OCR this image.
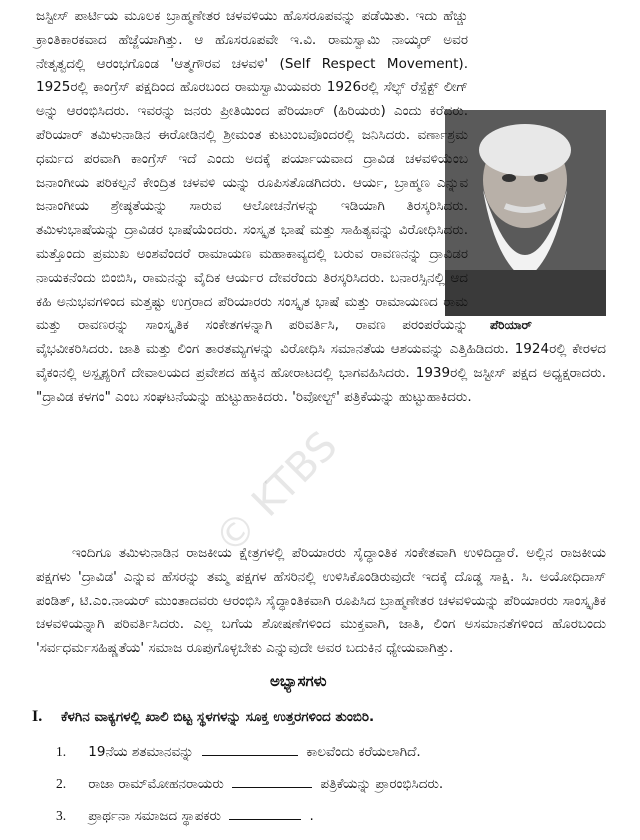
© KTBS
ಪೆರಿಯಾರ್

ಜಸ್ಟೀಸ್ ಪಾರ್ಟಿಯ ಮೂಲಕ ಬ್ರಾಹ್ಮಣೇತರ ಚಳವಳಿಯು ಹೊಸರೂಪವನ್ನು ಪಡೆಯಿತು. ಇದು ಹೆಚ್ಚು ಕ್ರಾಂತಿಕಾರಕವಾದ ಹೆಜ್ಜೆಯಾಗಿತ್ತು. ಆ ಹೊಸರೂಪವೇ ಇ.ವಿ. ರಾಮಸ್ವಾಮಿ ನಾಯ್ಕರ್ ಅವರ ನೇತೃತ್ವದಲ್ಲಿ ಆರಂಭಗೊಂಡ 'ಆತ್ಮಗೌರವ ಚಳವಳಿ' (Self Respect Movement). 1925ರಲ್ಲಿ ಕಾಂಗ್ರೆಸ್ ಪಕ್ಷದಿಂದ ಹೊರಬಂದ ರಾಮಸ್ವಾಮಿಯವರು 1926ರಲ್ಲಿ ಸೆಲ್ಫ್ ರೆಸ್ಪೆಕ್ಟ್ ಲೀಗ್ ಅನ್ನು ಆರಂಭಿಸಿದರು. ಇವರನ್ನು ಜನರು ಪ್ರೀತಿಯಿಂದ ಪೆರಿಯಾರ್ (ಹಿರಿಯರು) ಎಂದು ಕರೆದರು. ಪೆರಿಯಾರ್ ತಮಿಳುನಾಡಿನ ಈರೋಡಿನಲ್ಲಿ ಶ್ರೀಮಂತ ಕುಟುಂಬವೊಂದರಲ್ಲಿ ಜನಿಸಿದರು. ವರ್ಣಾಶ್ರಮ ಧರ್ಮದ ಪರವಾಗಿ ಕಾಂಗ್ರೆಸ್ ಇದೆ ಎಂದು ಅದಕ್ಕೆ ಪರ್ಯಾಯವಾದ ದ್ರಾವಿಡ ಚಳವಳಿಯೆಂಬ ಜನಾಂಗೀಯ ಪರಿಕಲ್ಪನೆ ಕೇಂದ್ರಿತ ಚಳವಳಿ ಯನ್ನು ರೂಪಿಸತೊಡಗಿದರು. ಆರ್ಯ, ಬ್ರಾಹ್ಮಣ ಎನ್ನುವ ಜನಾಂಗೀಯ ಶ್ರೇಷ್ಠತೆಯನ್ನು ಸಾರುವ ಆಲೋಚನೆಗಳನ್ನು ಇಡಿಯಾಗಿ ತಿರಸ್ಕರಿಸಿದರು. ತಮಿಳುಭಾಷೆಯನ್ನು ದ್ರಾವಿಡರ ಭಾಷೆಯೆಂದರು. ಸಂಸ್ಕೃತ ಭಾಷೆ ಮತ್ತು ಸಾಹಿತ್ಯವನ್ನು ವಿರೋಧಿಸಿದರು. ಮತ್ತೊಂದು ಪ್ರಮುಖ ಅಂಶವೆಂದರೆ ರಾಮಾಯಣ ಮಹಾಕಾವ್ಯದಲ್ಲಿ ಬರುವ ರಾವಣನನ್ನು ದ್ರಾವಿಡರ ನಾಯಕನೆಂದು ಬಿಂಬಿಸಿ, ರಾಮನನ್ನು ವೈದಿಕ ಆರ್ಯರ ದೇವರೆಂದು ತಿರಸ್ಕರಿಸಿದರು. ಬನಾರಸ್ಸಿನಲ್ಲಿ ಆದ ಕಹಿ ಅನುಭವಗಳಿಂದ ಮತ್ತಷ್ಟು ಉಗ್ರರಾದ ಪೆರಿಯಾರರು ಸಂಸ್ಕೃತ ಭಾಷೆ ಮತ್ತು ರಾಮಾಯಣದ ರಾಮ ಮತ್ತು ರಾವಣರನ್ನು ಸಾಂಸ್ಕೃತಿಕ ಸಂಕೇತಗಳನ್ನಾಗಿ ಪರಿವರ್ತಿಸಿ, ರಾವಣ ಪರಂಪರೆಯನ್ನು ವೈಭವೀಕರಿಸಿದರು. ಜಾತಿ ಮತ್ತು ಲಿಂಗ ತಾರತಮ್ಯಗಳನ್ನು ವಿರೋಧಿಸಿ ಸಮಾನತೆಯ ಆಶಯವನ್ನು ಎತ್ತಿಹಿಡಿದರು. 1924ರಲ್ಲಿ ಕೇರಳದ ವೈಕಂನಲ್ಲಿ ಅಸ್ಪೃಶ್ಯರಿಗೆ ದೇವಾಲಯದ ಪ್ರವೇಶದ ಹಕ್ಕಿನ ಹೋರಾಟದಲ್ಲಿ ಭಾಗವಹಿಸಿದರು. 1939ರಲ್ಲಿ ಜಸ್ಟೀಸ್ ಪಕ್ಷದ ಅಧ್ಯಕ್ಷರಾದರು. "ದ್ರಾವಿಡ ಕಳಗಂ" ಎಂಬ ಸಂಘಟನೆಯನ್ನು ಹುಟ್ಟುಹಾಕಿದರು. 'ರಿವೋಲ್ಟ್' ಪತ್ರಿಕೆಯನ್ನು ಹುಟ್ಟುಹಾಕಿದರು.

ಇಂದಿಗೂ ತಮಿಳುನಾಡಿನ ರಾಜಕೀಯ ಕ್ಷೇತ್ರಗಳಲ್ಲಿ ಪೆರಿಯಾರರು ಸೈದ್ಧಾಂತಿಕ ಸಂಕೇತವಾಗಿ ಉಳಿದಿದ್ದಾರೆ. ಅಲ್ಲಿನ ರಾಜಕೀಯ ಪಕ್ಷಗಳು 'ದ್ರಾವಿಡ' ಎನ್ನುವ ಹೆಸರನ್ನು ತಮ್ಮ ಪಕ್ಷಗಳ ಹೆಸರಿನಲ್ಲಿ ಉಳಿಸಿಕೊಂಡಿರುವುದೇ ಇದಕ್ಕೆ ದೊಡ್ಡ ಸಾಕ್ಷಿ. ಸಿ. ಅಯೋಧಿದಾಸ್ ಪಂಡಿತ್, ಟಿ.ಎಂ.ನಾಯರ್ ಮುಂತಾದವರು ಆರಂಭಿಸಿ ಸೈದ್ಧಾಂತಿಕವಾಗಿ ರೂಪಿಸಿದ ಬ್ರಾಹ್ಮಣೇತರ ಚಳವಳಿಯನ್ನು ಪೆರಿಯಾರರು ಸಾಂಸ್ಕೃತಿಕ ಚಳವಳಿಯನ್ನಾಗಿ ಪರಿವರ್ತಿಸಿದರು. ಎಲ್ಲ ಬಗೆಯ ಶೋಷಣೆಗಳಿಂದ ಮುಕ್ತವಾಗಿ, ಜಾತಿ, ಲಿಂಗ ಅಸಮಾನತೆಗಳಿಂದ ಹೊರಬಂದು 'ಸರ್ವಧರ್ಮಸಹಿಷ್ಣತೆಯ' ಸಮಾಜ ರೂಪುಗೊಳ್ಳಬೇಕು ಎನ್ನುವುದೇ ಅವರ ಬದುಕಿನ ಧ್ಯೇಯವಾಗಿತ್ತು.

ಅಭ್ಯಾಸಗಳು
I. ಕೆಳಗಿನ ವಾಕ್ಯಗಳಲ್ಲಿ ಖಾಲಿ ಬಿಟ್ಟ ಸ್ಥಳಗಳನ್ನು ಸೂಕ್ತ ಉತ್ತರಗಳಿಂದ ತುಂಬಿರಿ.
1. 19ನೆಯ ಶತಮಾನವನ್ನು	ಕಾಲವೆಂದು ಕರೆಯಲಾಗಿದೆ.
2. ರಾಜಾ ರಾಮ್‌ಮೋಹನರಾಯರು	ಪತ್ರಿಕೆಯನ್ನು ಪ್ರಾರಂಭಿಸಿದರು.
3. ಪ್ರಾರ್ಥನಾ ಸಮಾಜದ ಸ್ಥಾಪಕರು	.
